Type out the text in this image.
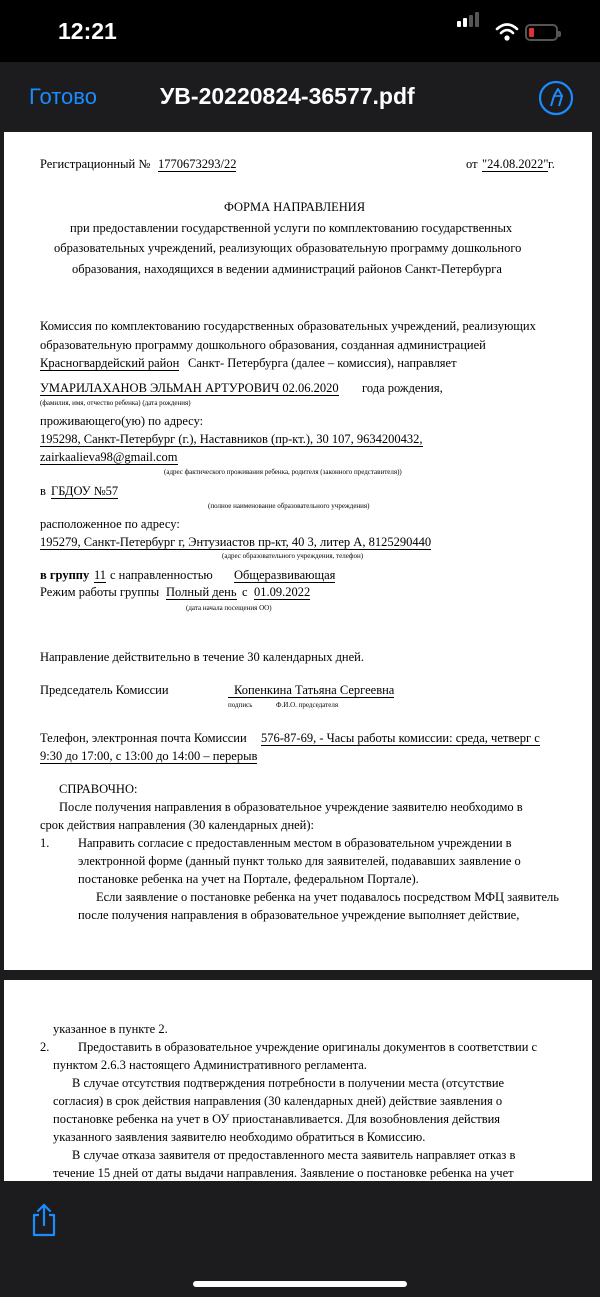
12:21
Готово	УВ-20220824-36577.pdf
Регистрационный № 1770673293/22	от "24.08.2022" г.
ФОРМА НАПРАВЛЕНИЯ
при предоставлении государственной услуги по комплектованию государственных
образовательных учреждений, реализующих образовательную программу дошкольного
образования, находящихся в ведении администраций районов Санкт-Петербурга
Комиссия по комплектованию государственных образовательных учреждений, реализующих
образовательную программу дошкольного образования, созданная администрацией
Красногвардейский район Санкт- Петербурга (далее – комиссия), направляет
УМАРИЛАХАНОВ ЭЛЬМАН АРТУРОВИЧ 02.06.2020 года рождения,
(фамилия, имя, отчество ребенка) (дата рождения)
проживающего(ую) по адресу:
195298, Санкт-Петербург (г.), Наставников (пр-кт.), 30 107, 9634200432,
zairkaalieva98@gmail.com
(адрес фактического проживания ребенка, родителя (законного представителя))
в ГБДОУ №57
(полное наименование образовательного учреждения)
расположенное по адресу:
195279, Санкт-Петербург г, Энтузиастов пр-кт, 40 3, литер А, 8125290440
(адрес образовательного учреждения, телефон)
в группу 11 с направленностью Общеразвивающая
Режим работы группы Полный день с 01.09.2022
(дата начала посещения ОО)
Направление действительно в течение 30 календарных дней.
Председатель Комиссии	Копенкина Татьяна Сергеевна
подпись	Ф.И.О. председателя
Телефон, электронная почта Комиссии 576-87-69, - Часы работы комиссии: среда, четверг с
9:30 до 17:00, с 13:00 до 14:00 – перерыв
СПРАВОЧНО:
После получения направления в образовательное учреждение заявителю необходимо в
срок действия направления (30 календарных дней):
1. Направить согласие с предоставленным местом в образовательном учреждении в
электронной форме (данный пункт только для заявителей, подававших заявление о
постановке ребенка на учет на Портале, федеральном Портале).
Если заявление о постановке ребенка на учет подавалось посредством МФЦ заявитель
после получения направления в образовательное учреждение выполняет действие,
указанное в пункте 2.
2. Предоставить в образовательное учреждение оригиналы документов в соответствии с
пунктом 2.6.3 настоящего Административного регламента.
В случае отсутствия подтверждения потребности в получении места (отсутствие
согласия) в срок действия направления (30 календарных дней) действие заявления о
постановке ребенка на учет в ОУ приостанавливается. Для возобновления действия
указанного заявления заявителю необходимо обратиться в Комиссию.
В случае отказа заявителя от предоставленного места заявитель направляет отказ в
течение 15 дней от даты выдачи направления. Заявление о постановке ребенка на учет
